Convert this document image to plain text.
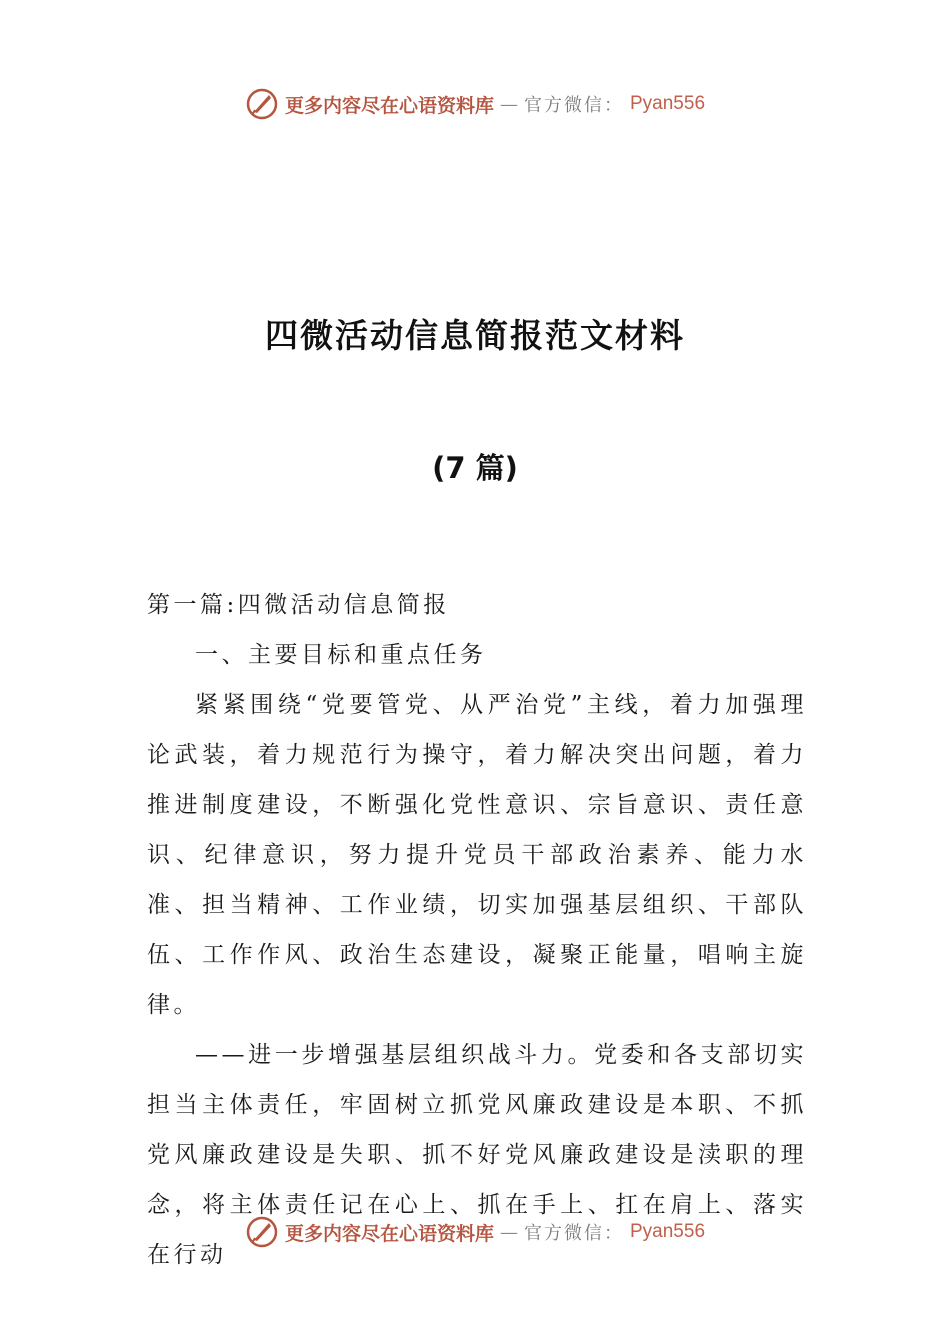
更多内容尽在心语资料库 — 官方微信： Pyan556
四微活动信息简报范文材料
(7 篇)

第一篇:四微活动信息简报

一、主要目标和重点任务

紧紧围绕“党要管党、从严治党”主线，着力加强理论武装，着力规范行为操守，着力解决突出问题，着力推进制度建设，不断强化党性意识、宗旨意识、责任意识、纪律意识，努力提升党员干部政治素养、能力水准、担当精神、工作业绩，切实加强基层组织、干部队伍、工作作风、政治生态建设，凝聚正能量，唱响主旋律。

——进一步增强基层组织战斗力。党委和各支部切实担当主体责任，牢固树立抓党风廉政建设是本职、不抓党风廉政建设是失职、抓不好党风廉政建设是渎职的理念，将主体责任记在心上、抓在手上、扛在肩上、落实在行动

更多内容尽在心语资料库 — 官方微信： Pyan556
